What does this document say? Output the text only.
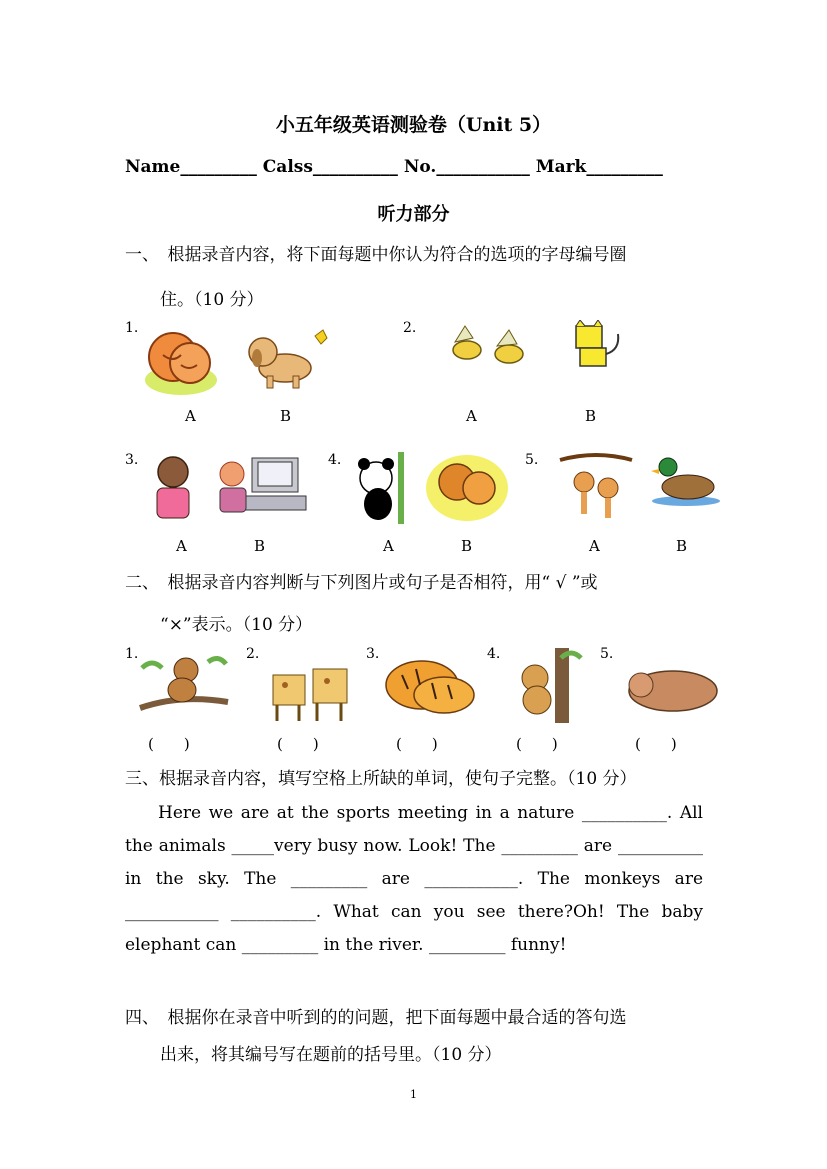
小五年级英语测验卷（Unit 5）
Name_________ Calss__________ No.___________ Mark_________
听力部分
一、　根据录音内容，将下面每题中你认为符合的选项的字母编号圈
住。（10 分）
1.	2.
3.	4.	5.
A	B	A	B
A	B	A	B	A	B
二、　根据录音内容判断与下列图片或句子是否相符，用“ √ ”或
“×”表示。（10 分）
1.	2.	3.	4.	5.
(　　)	(　　)	(　　)	(　　)	(　　)
三、根据录音内容，填写空格上所缺的单词，使句子完整。（10 分）
Here we are at the sports meeting in a nature __________. All the animals _____very busy now. Look! The _________ are __________ in the sky. The _________ are ___________. The monkeys are ___________ __________. What can you see there?Oh! The baby elephant can _________ in the river. _________ funny!
四、　根据你在录音中听到的的问题，把下面每题中最合适的答句选
出来，将其编号写在题前的括号里。（10 分）
1
